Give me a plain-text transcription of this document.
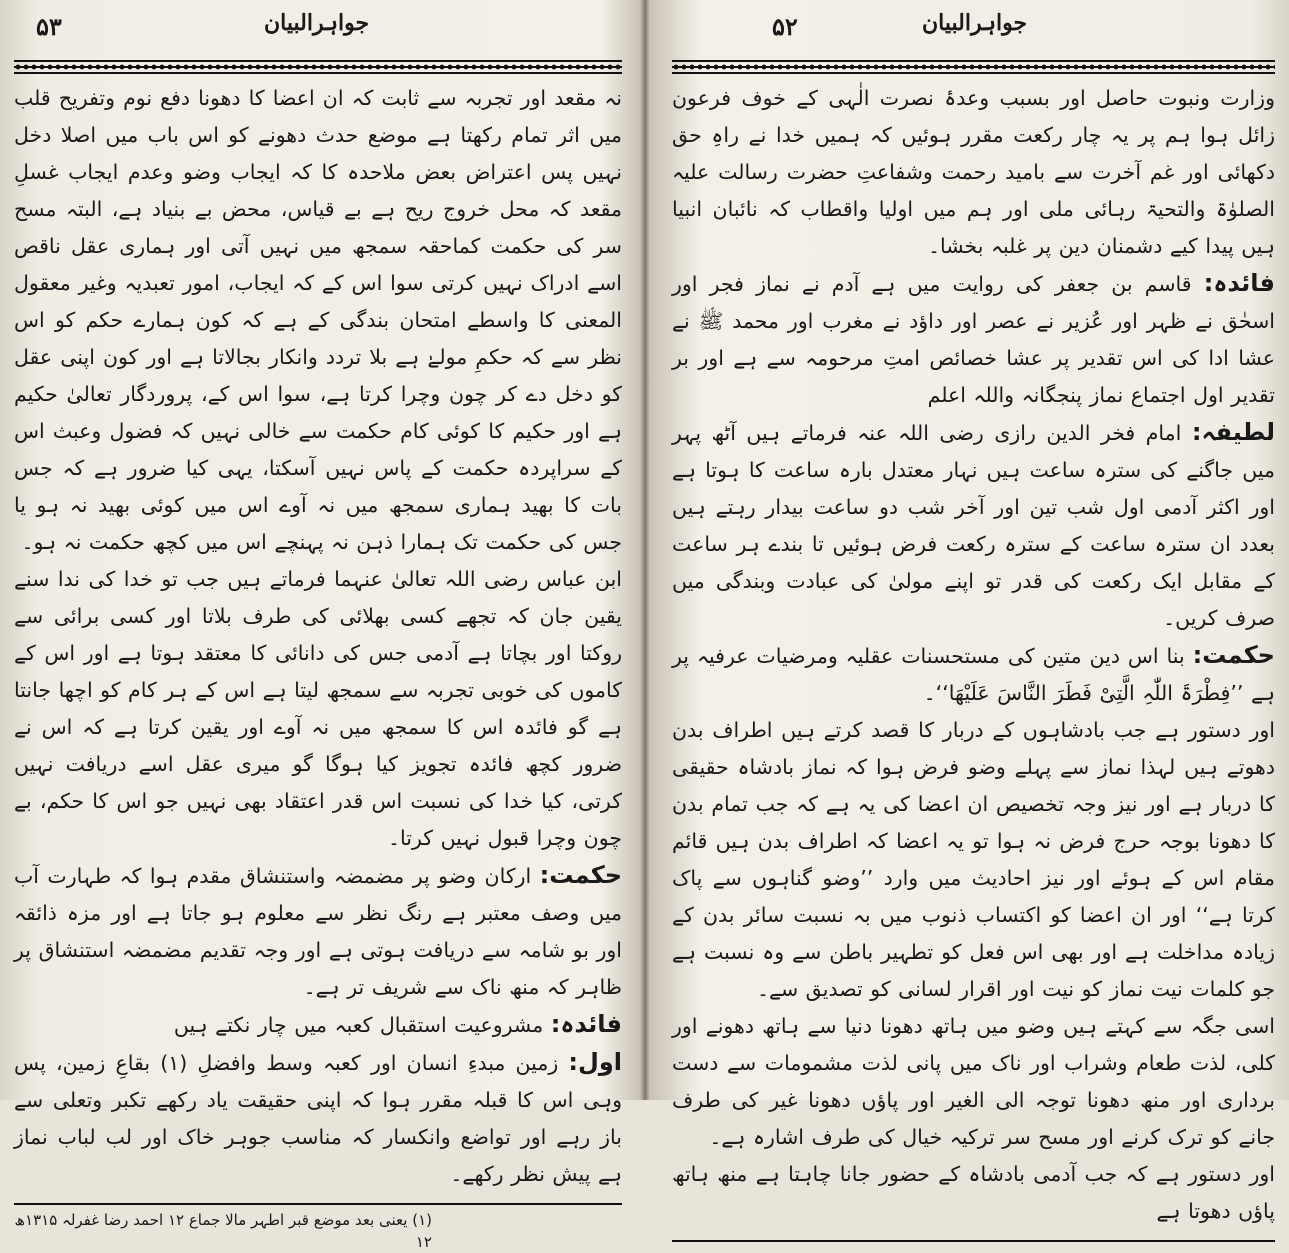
جواہرالبیان
۵۳

نہ مقعد اور تجربہ سے ثابت کہ ان اعضا کا دھونا دفع نوم وتفریح قلب میں اثر تمام رکھتا ہے موضع حدث دھونے کو اس باب میں اصلا دخل نہیں پس اعتراض بعض ملاحدہ کا کہ ایجاب وضو وعدم ایجاب غسلِ مقعد کہ محل خروج ریح ہے بے قیاس، محض بے بنیاد ہے، البتہ مسح سر کی حکمت کماحقہ سمجھ میں نہیں آتی اور ہماری عقل ناقص اسے ادراک نہیں کرتی سوا اس کے کہ ایجاب، امور تعبدیہ وغیر معقول المعنی کا واسطے امتحان بندگی کے ہے کہ کون ہمارے حکم کو اس نظر سے کہ حکمِ مولےٰ ہے بلا تردد وانکار بجالاتا ہے اور کون اپنی عقل کو دخل دے کر چون وچرا کرتا ہے، سوا اس کے، پروردگار تعالیٰ حکیم ہے اور حکیم کا کوئی کام حکمت سے خالی نہیں کہ فضول وعبث اس کے سراپردہ حکمت کے پاس نہیں آسکتا، یہی کیا ضرور ہے کہ جس بات کا بھید ہماری سمجھ میں نہ آوے اس میں کوئی بھید نہ ہو یا جس کی حکمت تک ہمارا ذہن نہ پہنچے اس میں کچھ حکمت نہ ہو۔

ابن عباس رضی اللہ تعالیٰ عنہما فرماتے ہیں جب تو خدا کی ندا سنے یقین جان کہ تجھے کسی بھلائی کی طرف بلاتا اور کسی برائی سے روکتا اور بچاتا ہے آدمی جس کی دانائی کا معتقد ہوتا ہے اور اس کے کاموں کی خوبی تجربہ سے سمجھ لیتا ہے اس کے ہر کام کو اچھا جانتا ہے گو فائدہ اس کا سمجھ میں نہ آوے اور یقین کرتا ہے کہ اس نے ضرور کچھ فائدہ تجویز کیا ہوگا گو میری عقل اسے دریافت نہیں کرتی، کیا خدا کی نسبت اس قدر اعتقاد بھی نہیں جو اس کا حکم، بے چون وچرا قبول نہیں کرتا۔

حکمت: ارکان وضو پر مضمضہ واستنشاق مقدم ہوا کہ طہارت آب میں وصف معتبر ہے رنگ نظر سے معلوم ہو جاتا ہے اور مزہ ذائقہ اور بو شامہ سے دریافت ہوتی ہے اور وجہ تقدیم مضمضہ استنشاق پر ظاہر کہ منھ ناک سے شریف تر ہے۔

فائدہ: مشروعیت استقبال کعبہ میں چار نکتے ہیں

اول: زمین مبدءِ انسان اور کعبہ وسط وافضلِ (۱) بقاعِ زمین، پس وہی اس کا قبلہ مقرر ہوا کہ اپنی حقیقت یاد رکھے تکبر وتعلی سے باز رہے اور تواضع وانکسار کہ مناسب جوہر خاک اور لب لباب نماز ہے پیش نظر رکھے۔

(۱) یعنی بعد موضع قبر اطہر مالا جماع ۱۲ احمد رضا غفرلہ ۱۳۱۵ھ ۱۲
جواہرالبیان
۵۲

وزارت ونبوت حاصل اور بسبب وعدۂ نصرت الٰہی کے خوف فرعون زائل ہوا ہم پر یہ چار رکعت مقرر ہوئیں کہ ہمیں خدا نے راہِ حق دکھائی اور غم آخرت سے بامید رحمت وشفاعتِ حضرت رسالت علیہ الصلوٰۃ والتحیۃ رہائی ملی اور ہم میں اولیا واقطاب کہ نائبان انبیا ہیں پیدا کیے دشمنان دین پر غلبہ بخشا۔

فائدہ: قاسم بن جعفر کی روایت میں ہے آدم نے نماز فجر اور اسحٰق نے ظہر اور عُزیر نے عصر اور داؤد نے مغرب اور محمد ﷺ نے عشا ادا کی اس تقدیر پر عشا خصائص امتِ مرحومہ سے ہے اور بر تقدیر اول اجتماع نماز پنجگانہ واللہ اعلم

لطیفہ: امام فخر الدین رازی رضی اللہ عنہ فرماتے ہیں آٹھ پہر میں جاگنے کی سترہ ساعت ہیں نہار معتدل بارہ ساعت کا ہوتا ہے اور اکثر آدمی اول شب تین اور آخر شب دو ساعت بیدار رہتے ہیں بعدد ان سترہ ساعت کے سترہ رکعت فرض ہوئیں تا بندے ہر ساعت کے مقابل ایک رکعت کی قدر تو اپنے مولیٰ کی عبادت وبندگی میں صرف کریں۔

حکمت: بنا اس دین متین کی مستحسنات عقلیہ ومرضیات عرفیہ پر ہے ’’فِطْرَۃَ اللّٰہِ الَّتِیْ فَطَرَ النَّاسَ عَلَیْھَا‘‘۔

اور دستور ہے جب بادشاہوں کے دربار کا قصد کرتے ہیں اطراف بدن دھوتے ہیں لہذا نماز سے پہلے وضو فرض ہوا کہ نماز بادشاہ حقیقی کا دربار ہے اور نیز وجہ تخصیص ان اعضا کی یہ ہے کہ جب تمام بدن کا دھونا بوجہ حرج فرض نہ ہوا تو یہ اعضا کہ اطراف بدن ہیں قائم مقام اس کے ہوئے اور نیز احادیث میں وارد ’’وضو گناہوں سے پاک کرتا ہے‘‘ اور ان اعضا کو اکتساب ذنوب میں بہ نسبت سائر بدن کے زیادہ مداخلت ہے اور بھی اس فعل کو تطہیر باطن سے وہ نسبت ہے جو کلمات نیت نماز کو نیت اور اقرار لسانی کو تصدیق سے۔

اسی جگہ سے کہتے ہیں وضو میں ہاتھ دھونا دنیا سے ہاتھ دھونے اور کلی، لذت طعام وشراب اور ناک میں پانی لذت مشمومات سے دست برداری اور منھ دھونا توجہ الی الغیر اور پاؤں دھونا غیر کی طرف جانے کو ترک کرنے اور مسح سر ترکیہ خیال کی طرف اشارہ ہے۔

اور دستور ہے کہ جب آدمی بادشاہ کے حضور جانا چاہتا ہے منھ ہاتھ پاؤں دھوتا ہے
